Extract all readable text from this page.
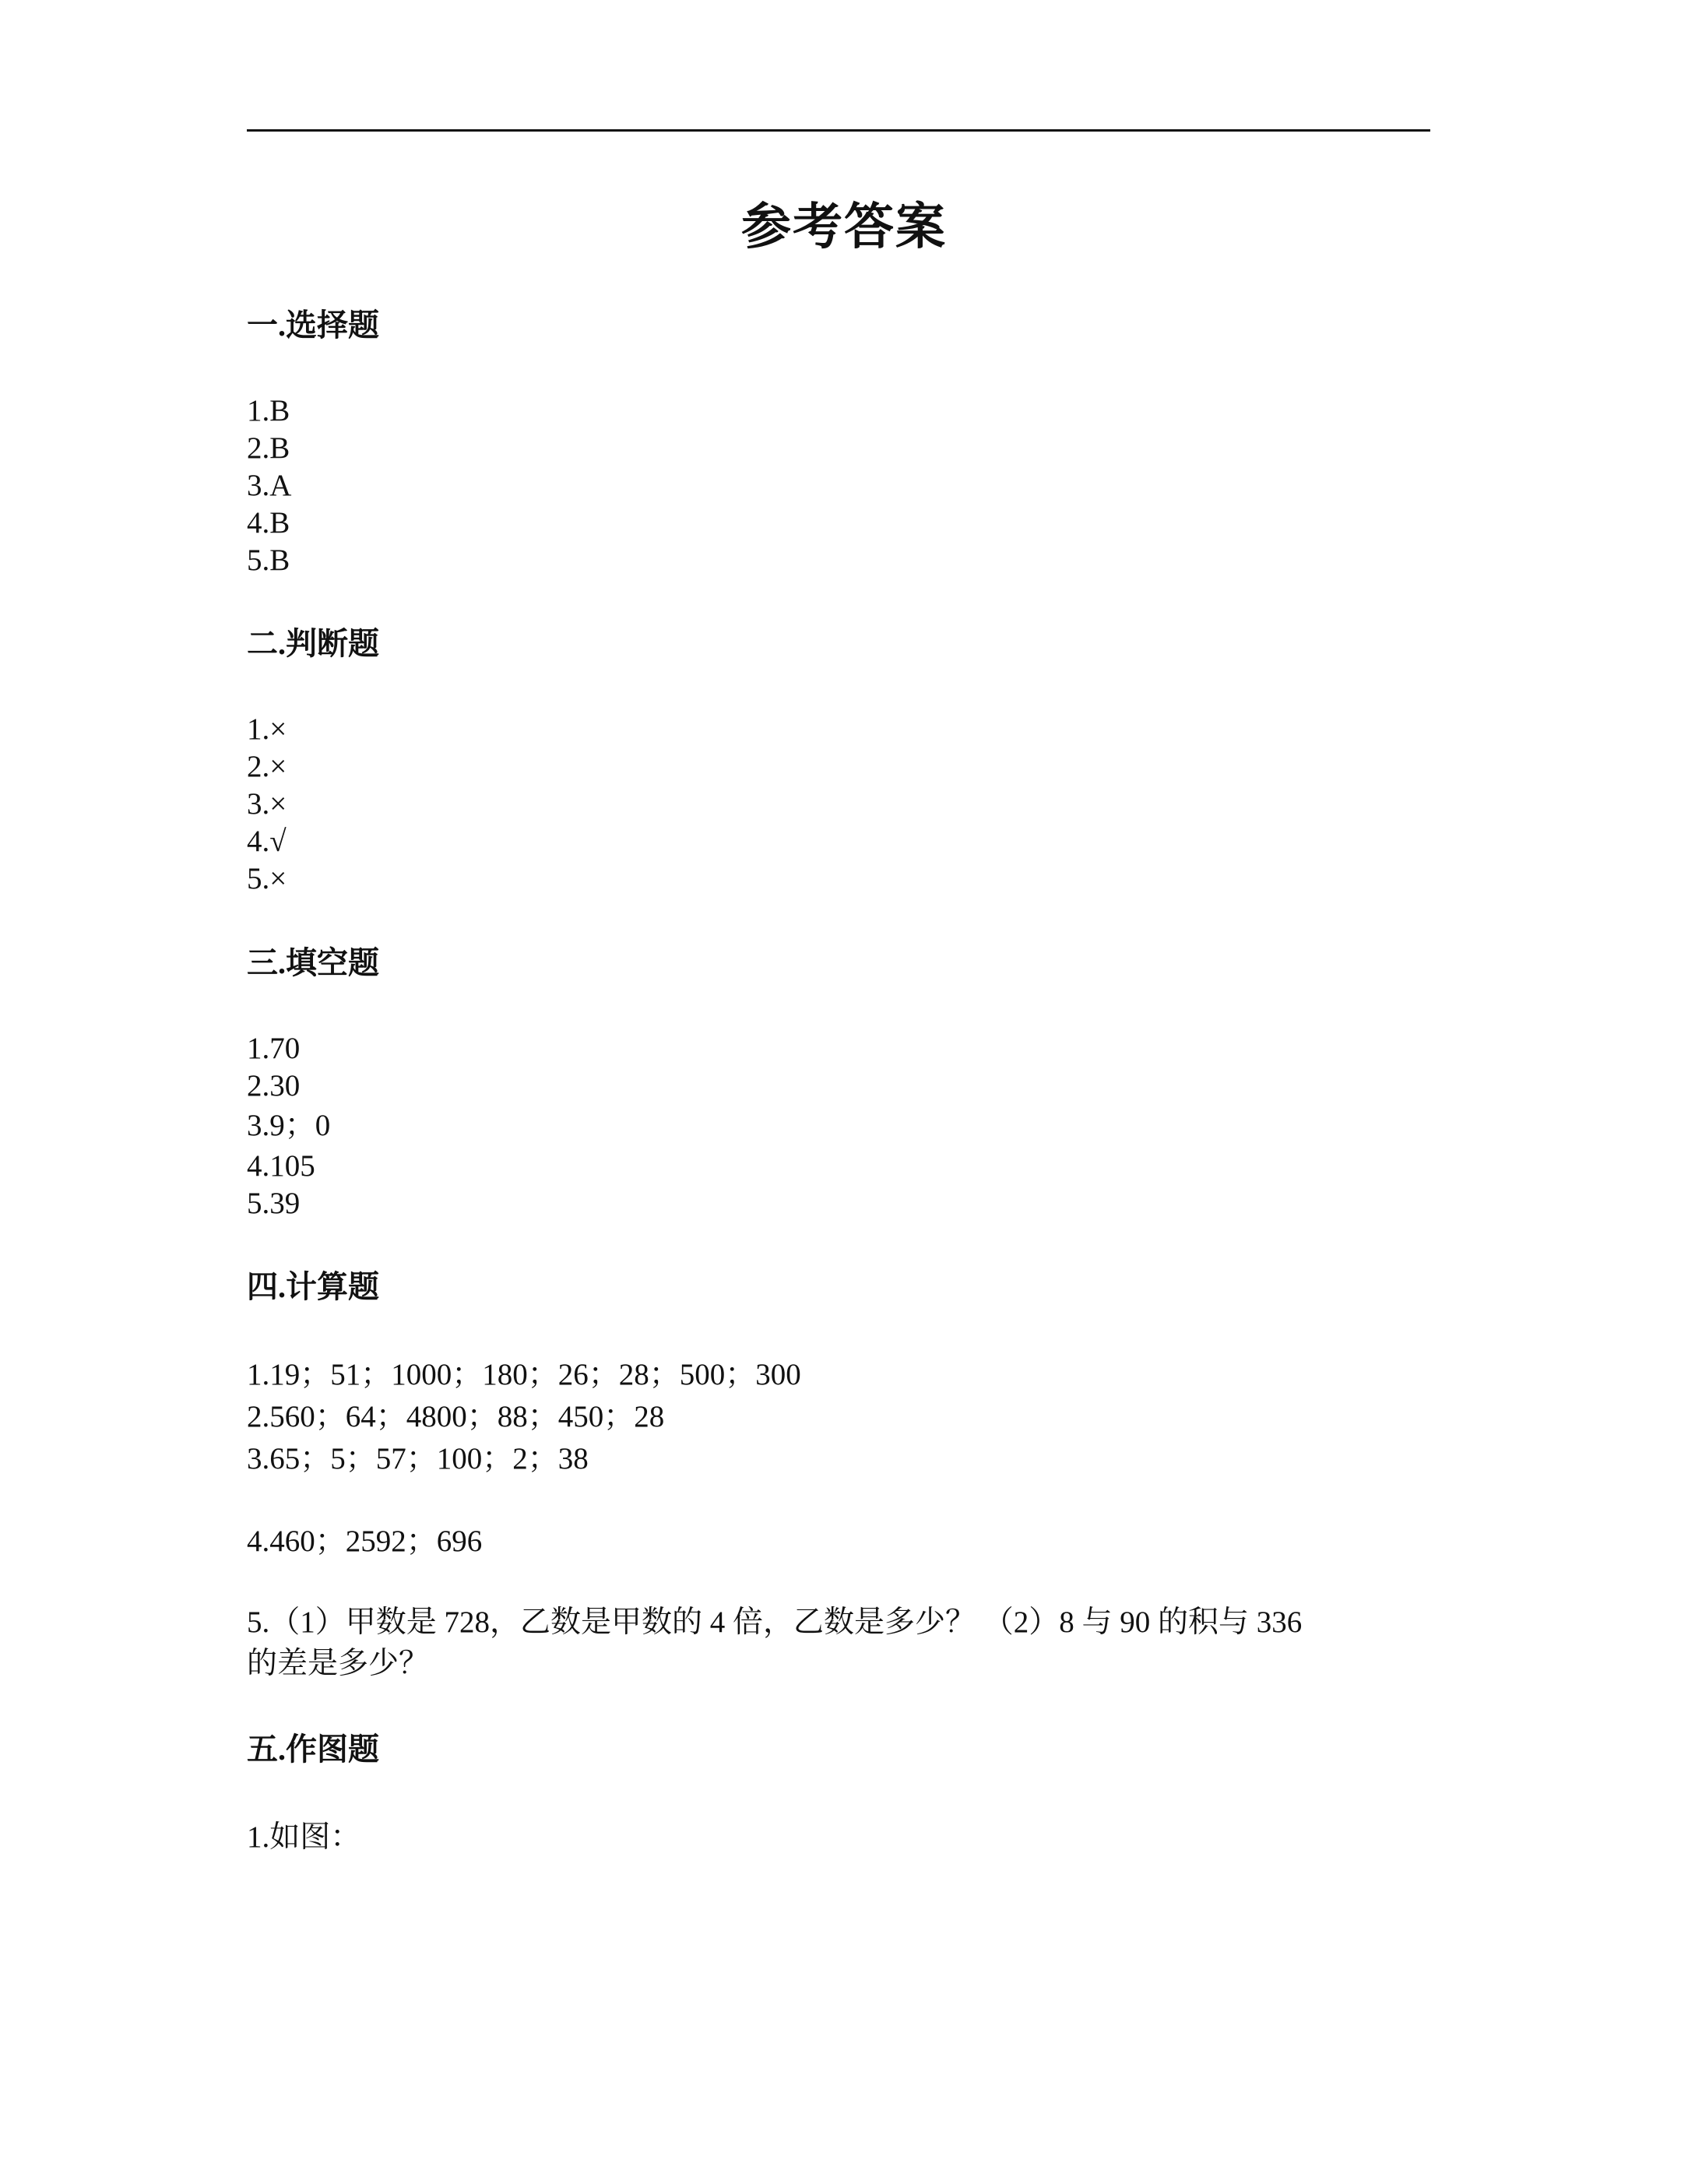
参考答案
一.选择题
1.B
2.B
3.A
4.B
5.B
二.判断题
1.×
2.×
3.×
4.√
5.×
三.填空题
1.70
2.30
3.9；0
4.105
5.39
四.计算题
1.19；51；1000；180；26；28；500；300
2.560；64；4800；88；450；28
3.65；5；57；100；2；38
4.460；2592；696
5.（1）甲数是 728，乙数是甲数的 4 倍，乙数是多少？ （2）8 与 90 的积与 336
的差是多少？
五.作图题
1.如图：
